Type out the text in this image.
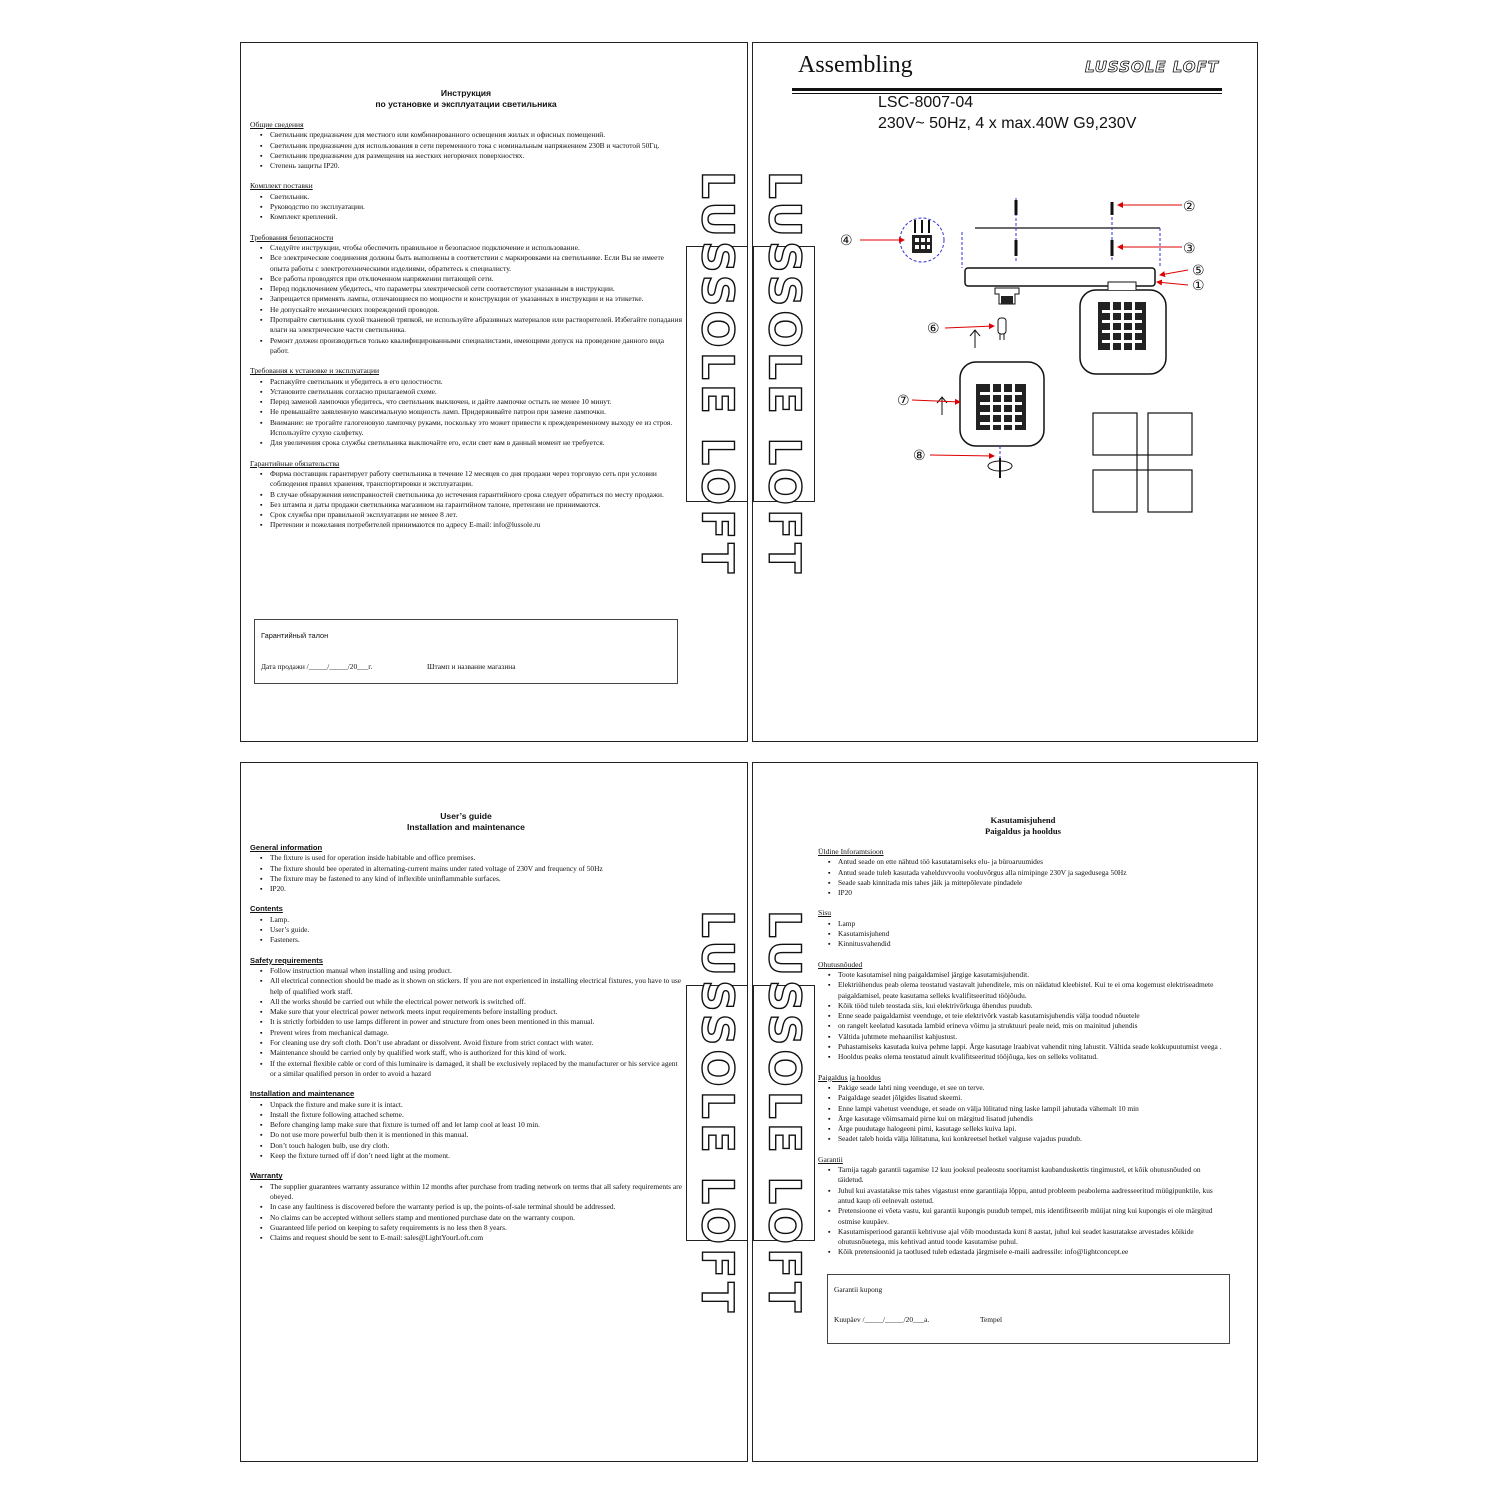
Инструкция
по установке и эксплуатации светильника
Общие сведения
▪ Светильник предназначен для местного или комбинированного освещения жилых и офисных помещений.
▪ Светильник предназначен для использования в сети переменного тока с номинальным напряжением 230В и частотой 50Гц.
▪ Светильник предназначен для размещения на жестких негорючих поверхностях.
▪ Степень защиты IP20.
Комплект поставки
▪ Светильник.
▪ Руководство по эксплуатации.
▪ Комплект креплений.
Требования безопасности
▪ Следуйте инструкции, чтобы обеспечить правильное и безопасное подключение и использование.
▪ Все электрические соединения должны быть выполнены в соответствии с маркировками на светильнике. Если Вы не имеете опыта работы с электротехническими изделиями, обратитесь к специалисту.
▪ Все работы проводятся при отключенном напряжении питающей сети.
▪ Перед подключением убедитесь, что параметры электрической сети соответствуют указанным в инструкции.
▪ Запрещается применять лампы, отличающиеся по мощности и конструкции от указанных в инструкции и на этикетке.
▪ Не допускайте механических повреждений проводов.
▪ Протирайте светильник сухой тканевой тряпкой, не используйте абразивных материалов или растворителей. Избегайте попадания влаги на электрические части светильника.
▪ Ремонт должен производиться только квалифицированными специалистами, имеющими допуск на проведение данного вида работ.
Требования к установке и эксплуатации
▪ Распакуйте светильник и убедитесь в его целостности.
▪ Установите светильник согласно прилагаемой схеме.
▪ Перед заменой лампочки убедитесь, что светильник выключен, и дайте лампочке остыть не менее 10 минут.
▪ Не превышайте заявленную максимальную мощность ламп. Придерживайте патрон при замене лампочки.
▪ Внимание: не трогайте галогеновую лампочку руками, поскольку это может привести к преждевременному выходу ее из строя. Используйте сухую салфетку.
▪ Для увеличения срока службы светильника выключайте его, если свет вам в данный момент не требуется.
Гарантийные обязательства
▪ Фирма поставщик гарантирует работу светильника в течение 12 месяцев со дня продажи через торговую сеть при условии соблюдения правил хранения, транспортировки и эксплуатации.
▪ В случае обнаружения неисправностей светильника до истечения гарантийного срока следует обратиться по месту продажи.
▪ Без штампа и даты продажи светильника магазином на гарантийном талоне, претензии не принимаются.
▪ Срок службы при правильной эксплуатации не менее 8 лет.
▪ Претензии и пожелания потребителей принимаются по адресу E-mail: info@lussole.ru
Гарантийный талон
Дата продажи /_____/_____/20___г.	Штамп и название магазина
Assembling	LUSSOLE LOFT
LSC-8007-04
230V~ 50Hz, 4 x max.40W G9,230V
①
②
③
④
⑤
⑥
⑦
⑧
User’s guide
Installation and maintenance
General information
▪ The fixture is used for operation inside habitable and office premises.
▪ The fixture should bee operated in alternating-current mains under rated voltage of 230V and frequency of 50Hz
▪ The fixture may be fastened to any kind of inflexible uninflammable surfaces.
▪ IP20.
Contents
▪ Lamp.
▪ User’s guide.
▪ Fasteners.
Safety requirements
▪ Follow instruction manual when installing and using product.
▪ All electrical connection should be made as it shown on stickers. If you are not experienced in installing electrical fixtures, you have to use help of qualified work staff.
▪ All the works should be carried out while the electrical power network is switched off.
▪ Make sure that your electrical power network meets input requirements before installing product.
▪ It is strictly forbidden to use lamps different in power and structure from ones been mentioned in this manual.
▪ Prevent wires from mechanical damage.
▪ For cleaning use dry soft cloth. Don’t use abradant or dissolvent. Avoid fixture from strict contact with water.
▪ Maintenance should be carried only by qualified work staff, who is authorized for this kind of work.
▪ If the external flexible cable or cord of this luminaire is damaged, it shall be exclusively replaced by the manufacturer or his service agent or a similar qualified person in order to avoid a hazard
Installation and maintenance
▪ Unpack the fixture and make sure it is intact.
▪ Install the fixture following attached scheme.
▪ Before changing lamp make sure that fixture is turned off and let lamp cool at least 10 min.
▪ Do not use more powerful bulb then it is mentioned in this manual.
▪ Don’t touch halogen bulb, use dry cloth.
▪ Keep the fixture turned off if don’t need light at the moment.
Warranty
▪ The supplier guarantees warranty assurance within 12 months after purchase from trading network on terms that all safety requirements are obeyed.
▪ In case any faultiness is discovered before the warranty period is up, the points-of-sale terminal should be addressed.
▪ No claims can be accepted without sellers stamp and mentioned purchase date on the warranty coupon.
▪ Guaranteed life period on keeping to safety requirements is no less then 8 years.
▪ Claims and request should be sent to E-mail: sales@LightYourLoft.com
Kasutamisjuhend
Paigaldus ja hooldus
Üldine Inforamtsioon
▪ Antud seade on ette nähtud töö kasutatamiseks elu- ja büroaruumides
▪ Antud seade tuleb kasutada vahelduvvoolu vooluvõrgus alla nimipinge 230V ja sagedusega 50Hz
▪ Seade saab kinnitada mis tahes jäik ja mittepõlevate pindadele
▪ IP20
Sisu
▪ Lamp
▪ Kasutamisjuhend
▪ Kinnitusvahendid
Ohutusnõuded
▪ Toote kasutamisel ning paigaldamisel järgige kasutamisjuhendit.
▪ Elektriühendus peab olema teostatud vastavalt juhenditele, mis on näidatud kleebistel. Kui te ei oma kogemust elektriseadmete paigaldamisel, peate kasutama selleks kvalifitseeritud tööjõudu.
▪ Kõik tööd tuleb teostada siis, kui elektrivõrkuga ühendus puudub.
▪ Enne seade paigaldamist veenduge, et teie elektrivõrk vastab kasutamisjuhendis välja toodud nõuetele
▪ on rangelt keelatud kasutada lambid erineva võimu ja struktuuri peale neid, mis on mainitud juhendis
▪ Vältida juhtmete mehaanilist kahjustust.
▪ Puhastamiseks kasutada kuiva pehme lappi. Ärge kasutage lraabivat vahendit ning lahustit. Vältida seade kokkupuutumist veega .
▪ Hooldus peaks olema teostatud ainult kvalifitseeritud tööjõuga, kes on selleks volitatud.
Paigaldus ja hooldus
▪ Pakige seade lahti ning veenduge, et see on terve.
▪ Paigaldage seadet jõlgides lisatud skeemi.
▪ Enne lampi vahetust veenduge, et seade on välja lülitatud ning laske lampil jahutada vähemalt 10 min
▪ Ärge kasutage võimsamaid pirne kui on märgitud lisatud juhendis
▪ Ärge puudutage halogeeni pirni, kasutage selleks kuiva lapi.
▪ Seadet taleb hoida välja lülitatuna, kui konkreetsel hetkel valguse vajadus puudub.
Garantii
▪ Tarnija tagab garantii tagamise 12 kuu jooksul pealeostu sooritamist kaubanduskettis tingimustel, et kõik ohutusnõuded on täidetud.
▪ Juhul kui avastatakse mis tahes vigastust enne garantiiaja lõppu, antud probleem peabolema aadresseeritud müügipunktile, kus antud kaup oli eelnevalt ostetud.
▪ Pretensioone ei võeta vastu, kui garantii kupongis puudub tempel, mis identifitseerib müüjat ning kui kupongis ei ole märgitud ostmise kuupäev.
▪ Kasutamisperiood garantii kehtivuse ajal võib moodustada kuni 8 aastat, juhul kui seadet kasutatakse arvestades kõikide ohutusnõuetega, mis kehtivad antud toode kasutamise puhul.
▪ Kõik pretensioonid ja taotlused tuleb edastada järgmisele e-maili aadressile: info@lightconcept.ee
Garantii kupong
Kuupäev /_____/_____/20___a.	Tempel
LUSSOLE LOFT LUSSOLE LOFT
LUSSOLE LOFT LUSSOLE LOFT
